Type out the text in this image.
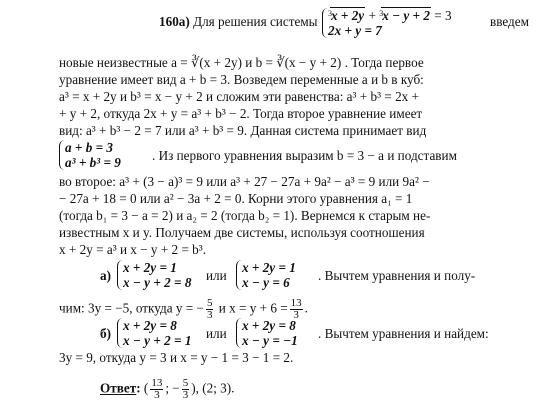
160а) Для решения системы
$^3$x + 2y + $^3$x − y + 2 = 3
2x + y = 7
введем
новые неизвестные a = ∛(x + 2y) и b = ∛(x − y + 2) . Тогда первое
уравнение имеет вид a + b = 3. Возведем переменные a и b в куб:
a³ = x + 2y и b³ = x − y + 2 и сложим эти равенства: a³ + b³ = 2x +
+ y + 2, откуда 2x + y = a³ + b³ − 2. Тогда второе уравнение имеет
вид: a³ + b³ − 2 = 7 или a³ + b³ = 9. Данная система принимает вид
a + b = 3
a³ + b³ = 9 . Из первого уравнения выразим b = 3 − a и подставим
во второе: a³ + (3 − a)³ = 9 или a³ + 27 − 27a + 9a² − a³ = 9 или 9a² −
− 27a + 18 = 0 или a² − 3a + 2 = 0. Корни этого уравнения a₁ = 1
(тогда b₁ = 3 − a = 2) и a₂ = 2 (тогда b₂ = 1). Вернемся к старым не-
известным x и y. Получаем две системы, используя соотношения
x + 2y = a³ и x − y + 2 = b³.
а)
x + 2y = 1
x − y + 2 = 8 или
x + 2y = 1
x − y = 6	. Вычтем уравнения и полу-
чим: 3y = −5, откуда y = − $\frac{5}{3}$ и $x = y + 6 = \frac{13}{3}$ .
б)
x + 2y = 8
x − y + 2 = 1 или
x + 2y = 8
x − y = −1 . Вычтем уравнения и найдем:
3y = 9, откуда y = 3 и x = y − 1 = 3 − 1 = 2.
Ответ: ( $\frac{13}{3}$ ; − $\frac{5}{3}$ ), (2; 3).
